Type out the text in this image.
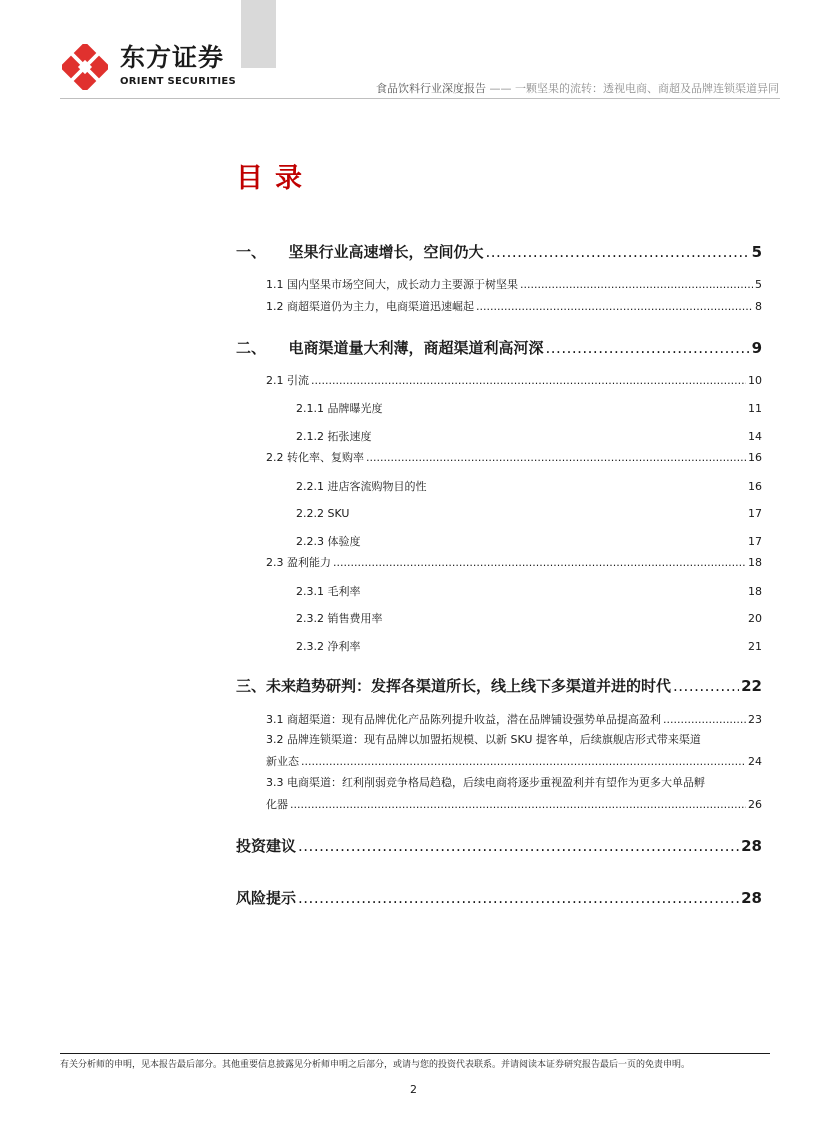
东方证券
ORIENT SECURITIES
食品饮料行业深度报告 —— 一颗坚果的流转：透视电商、商超及品牌连锁渠道异同
目录
一、　　坚果行业高速增长，空间仍大 .....	5
1.1 国内坚果市场空间大，成长动力主要源于树坚果 .....	5
1.2 商超渠道仍为主力，电商渠道迅速崛起 .....	8
二、　　电商渠道量大利薄，商超渠道利高河深 .....	9
2.1 引流 .....	10
2.1.1 品牌曝光度	11
2.1.2 拓张速度	14
2.2 转化率、复购率 .....	16
2.2.1 进店客流购物目的性	16
2.2.2 SKU	17
2.2.3 体验度	17
2.3 盈利能力 .....	18
2.3.1 毛利率	18
2.3.2 销售费用率	20
2.3.2 净利率	21
三、未来趋势研判：发挥各渠道所长，线上线下多渠道并进的时代 .....	22
3.1 商超渠道：现有品牌优化产品陈列提升收益，潜在品牌铺设强势单品提高盈利 .....	23
3.2 品牌连锁渠道：现有品牌以加盟拓规模、以新 SKU 提客单，后续旗舰店形式带来渠道
新业态 .....	24
3.3 电商渠道：红利削弱竞争格局趋稳，后续电商将逐步重视盈利并有望作为更多大单品孵
化器 .....	26
投资建议 .....	28
风险提示 .....	28
有关分析师的申明，见本报告最后部分。其他重要信息披露见分析师申明之后部分，或请与您的投资代表联系。并请阅读本证券研究报告最后一页的免责申明。
2
